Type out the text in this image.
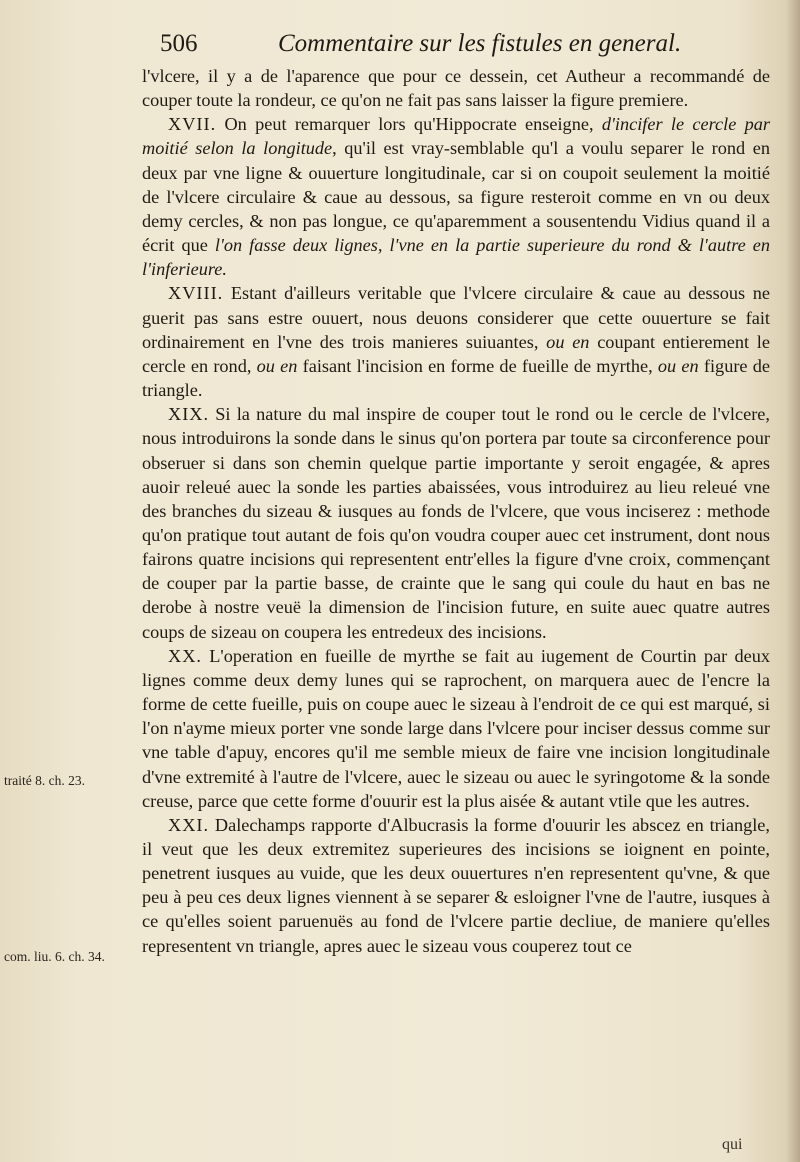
506	Commentaire sur les fistules en general.

l'vlcere, il y a de l'aparence que pour ce dessein, cet Autheur a recommandé de couper toute la rondeur, ce qu'on ne fait pas sans laisser la figure premiere.

XVII. On peut remarquer lors qu'Hippocrate enseigne, d'incifer le cercle par moitié selon la longitude, qu'il est vray-semblable qu'l a voulu separer le rond en deux par vne ligne & ouuerture longitudinale, car si on coupoit seulement la moitié de l'vlcere circulaire & caue au dessous, sa figure resteroit comme en vn ou deux demy cercles, & non pas longue, ce qu'aparemment a sousentendu Vidius quand il a écrit que l'on fasse deux lignes, l'vne en la partie superieure du rond & l'autre en l'inferieure.

XVIII. Estant d'ailleurs veritable que l'vlcere circulaire & caue au dessous ne guerit pas sans estre ouuert, nous deuons considerer que cette ouuerture se fait ordinairement en l'vne des trois manieres suiuantes, ou en coupant entierement le cercle en rond, ou en faisant l'incision en forme de fueille de myrthe, ou en figure de triangle.

XIX. Si la nature du mal inspire de couper tout le rond ou le cercle de l'vlcere, nous introduirons la sonde dans le sinus qu'on portera par toute sa circonference pour obseruer si dans son chemin quelque partie importante y seroit engagée, & apres auoir releué auec la sonde les parties abaissées, vous introduirez au lieu releué vne des branches du sizeau & iusques au fonds de l'vlcere, que vous inciserez : methode qu'on pratique tout autant de fois qu'on voudra couper auec cet instrument, dont nous fairons quatre incisions qui representent entr'elles la figure d'vne croix, commençant de couper par la partie basse, de crainte que le sang qui coule du haut en bas ne derobe à nostre veuë la dimension de l'incision future, en suite auec quatre autres coups de sizeau on coupera les entredeux des incisions.

XX. L'operation en fueille de myrthe se fait au iugement de Courtin par deux lignes comme deux demy lunes qui se raprochent, on marquera auec de l'encre la forme de cette fueille, puis on coupe auec le sizeau à l'endroit de ce qui est marqué, si l'on n'ayme mieux porter vne sonde large dans l'vlcere pour inciser dessus comme sur vne table d'apuy, encores qu'il me semble mieux de faire vne incision longitudinale d'vne extremité à l'autre de l'vlcere, auec le sizeau ou auec le syringotome & la sonde creuse, parce que cette forme d'ouurir est la plus aisée & autant vtile que les autres.

XXI. Dalechamps rapporte d'Albucrasis la forme d'ouurir les abscez en triangle, il veut que les deux extremitez superieures des incisions se ioignent en pointe, penetrent iusques au vuide, que les deux ouuertures n'en representent qu'vne, & que peu à peu ces deux lignes viennent à se separer & esloigner l'vne de l'autre, iusques à ce qu'elles soient paruenuës au fond de l'vlcere partie decliue, de maniere qu'elles representent vn triangle, apres auec le sizeau vous couperez tout ce

traité 8. ch. 23.
com. liu. 6. ch. 34.
qui
